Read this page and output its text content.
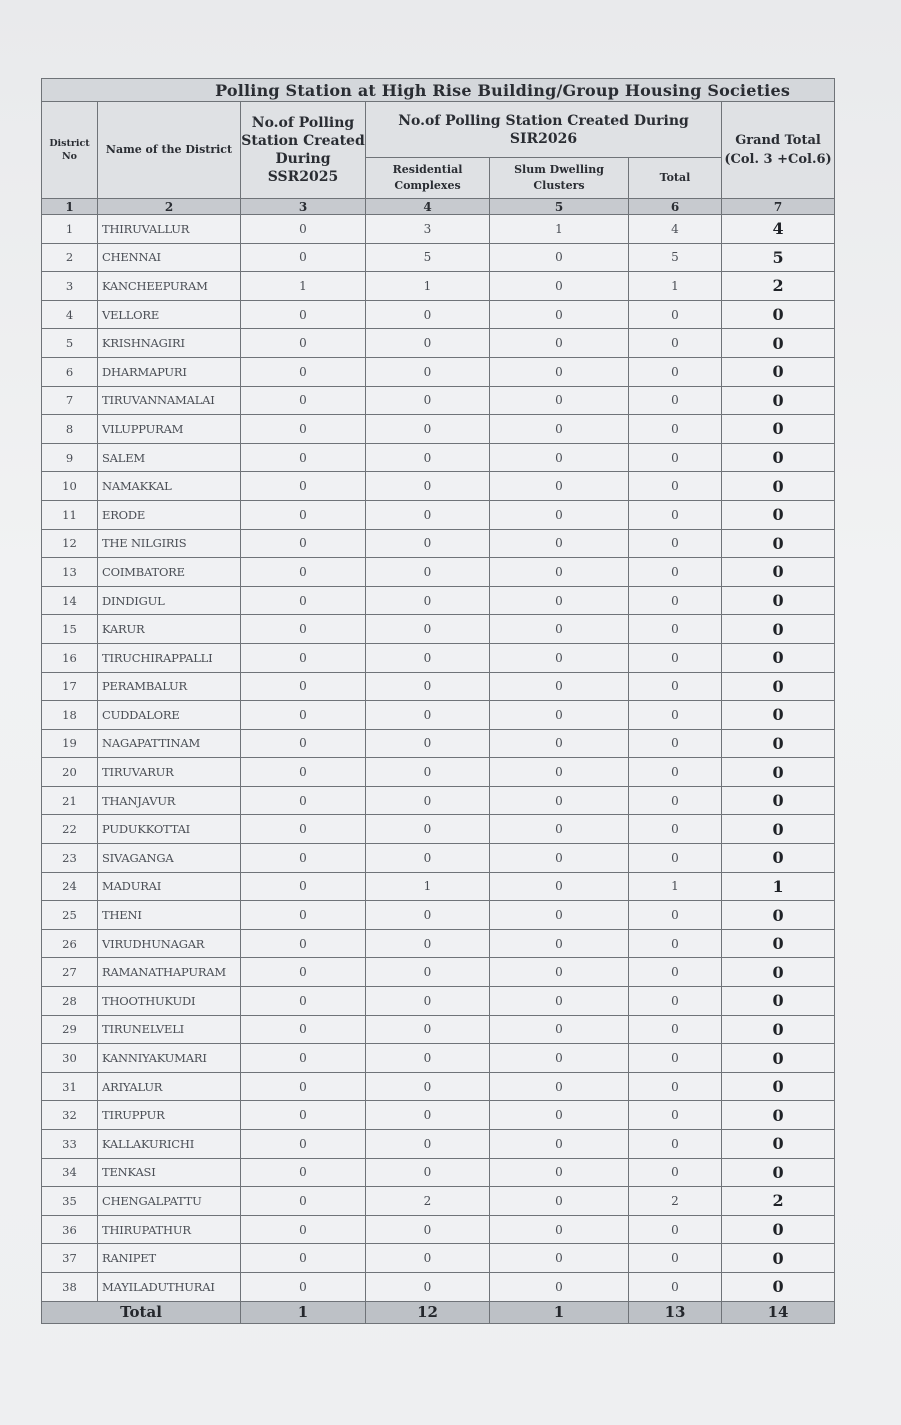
Polling Station at High Rise Building/Group Housing Societies						
District No	Name of the District	No.of Polling Station Created During SSR2025	No.of Polling Station Created During SIR2026			Grand Total (Col. 3 +Col.6)
			Residential Complexes	Slum Dwelling Clusters	Total	
1	2	3	4	5	6	7
1	THIRUVALLUR	0	3	1	4	4
2	CHENNAI	0	5	0	5	5
3	KANCHEEPURAM	1	1	0	1	2
4	VELLORE	0	0	0	0	0
5	KRISHNAGIRI	0	0	0	0	0
6	DHARMAPURI	0	0	0	0	0
7	TIRUVANNAMALAI	0	0	0	0	0
8	VILUPPURAM	0	0	0	0	0
9	SALEM	0	0	0	0	0
10	NAMAKKAL	0	0	0	0	0
11	ERODE	0	0	0	0	0
12	THE NILGIRIS	0	0	0	0	0
13	COIMBATORE	0	0	0	0	0
14	DINDIGUL	0	0	0	0	0
15	KARUR	0	0	0	0	0
16	TIRUCHIRAPPALLI	0	0	0	0	0
17	PERAMBALUR	0	0	0	0	0
18	CUDDALORE	0	0	0	0	0
19	NAGAPATTINAM	0	0	0	0	0
20	TIRUVARUR	0	0	0	0	0
21	THANJAVUR	0	0	0	0	0
22	PUDUKKOTTAI	0	0	0	0	0
23	SIVAGANGA	0	0	0	0	0
24	MADURAI	0	1	0	1	1
25	THENI	0	0	0	0	0
26	VIRUDHUNAGAR	0	0	0	0	0
27	RAMANATHAPURAM	0	0	0	0	0
28	THOOTHUKUDI	0	0	0	0	0
29	TIRUNELVELI	0	0	0	0	0
30	KANNIYAKUMARI	0	0	0	0	0
31	ARIYALUR	0	0	0	0	0
32	TIRUPPUR	0	0	0	0	0
33	KALLAKURICHI	0	0	0	0	0
34	TENKASI	0	0	0	0	0
35	CHENGALPATTU	0	2	0	2	2
36	THIRUPATHUR	0	0	0	0	0
37	RANIPET	0	0	0	0	0
38	MAYILADUTHURAI	0	0	0	0	0
Total		1	12	1	13	14
